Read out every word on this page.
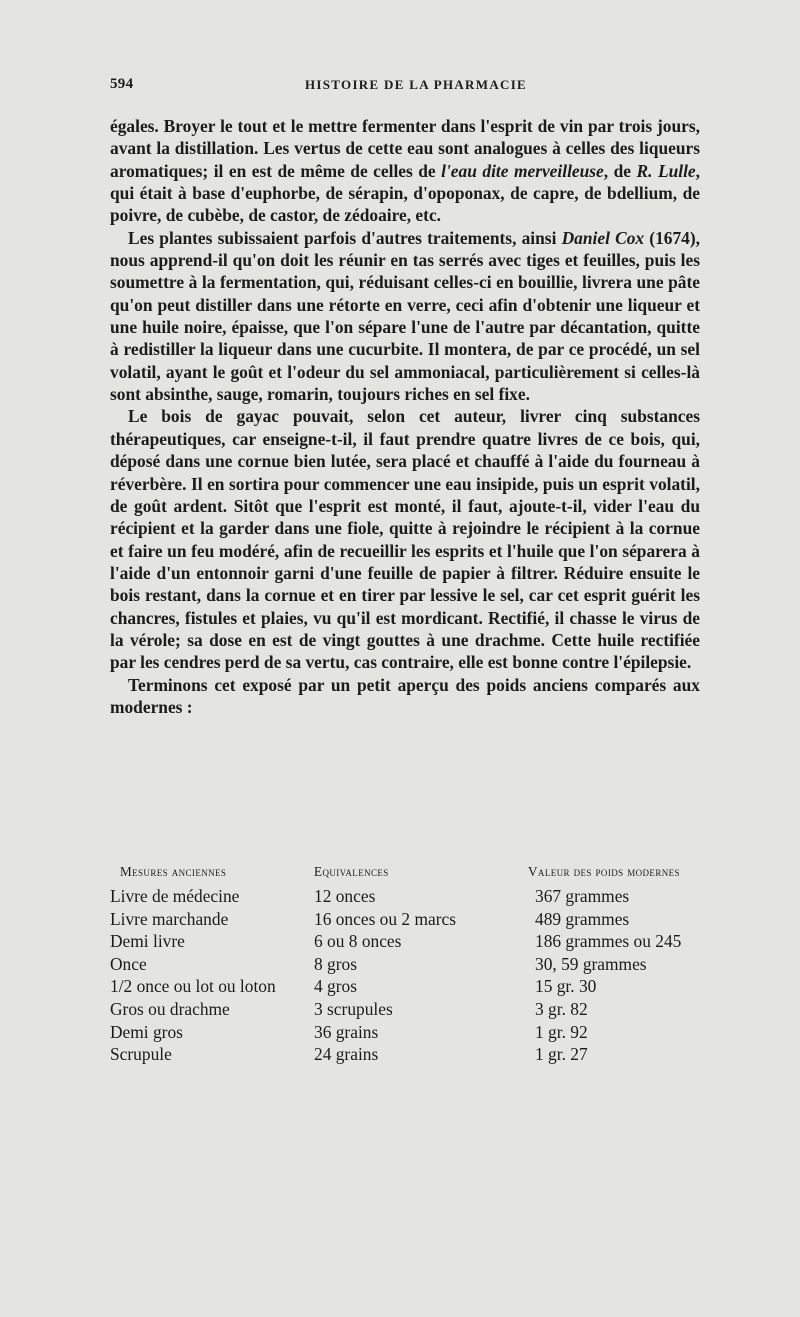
594	HISTOIRE DE LA PHARMACIE

égales. Broyer le tout et le mettre fermenter dans l'esprit de vin par trois jours, avant la distillation. Les vertus de cette eau sont analogues à celles des liqueurs aromatiques; il en est de même de celles de l'eau dite merveilleuse, de R. Lulle, qui était à base d'euphorbe, de sérapin, d'opoponax, de capre, de bdellium, de poivre, de cubèbe, de castor, de zédoaire, etc.

Les plantes subissaient parfois d'autres traitements, ainsi Daniel Cox (1674), nous apprend-il qu'on doit les réunir en tas serrés avec tiges et feuilles, puis les soumettre à la fermentation, qui, réduisant celles-ci en bouillie, livrera une pâte qu'on peut distiller dans une rétorte en verre, ceci afin d'obtenir une liqueur et une huile noire, épaisse, que l'on sépare l'une de l'autre par décantation, quitte à redistiller la liqueur dans une cucurbite. Il montera, de par ce procédé, un sel volatil, ayant le goût et l'odeur du sel ammoniacal, particulièrement si celles-là sont absinthe, sauge, romarin, toujours riches en sel fixe.

Le bois de gayac pouvait, selon cet auteur, livrer cinq substances thérapeutiques, car enseigne-t-il, il faut prendre quatre livres de ce bois, qui, déposé dans une cornue bien lutée, sera placé et chauffé à l'aide du fourneau à réverbère. Il en sortira pour commencer une eau insipide, puis un esprit volatil, de goût ardent. Sitôt que l'esprit est monté, il faut, ajoute-t-il, vider l'eau du récipient et la garder dans une fiole, quitte à rejoindre le récipient à la cornue et faire un feu modéré, afin de recueillir les esprits et l'huile que l'on séparera à l'aide d'un entonnoir garni d'une feuille de papier à filtrer. Réduire ensuite le bois restant, dans la cornue et en tirer par lessive le sel, car cet esprit guérit les chancres, fistules et plaies, vu qu'il est mordicant. Rectifié, il chasse le virus de la vérole; sa dose en est de vingt gouttes à une drachme. Cette huile rectifiée par les cendres perd de sa vertu, cas contraire, elle est bonne contre l'épilepsie.

Terminons cet exposé par un petit aperçu des poids anciens comparés aux modernes :

Mesures anciennes	Equivalences	Valeur des poids modernes
Livre de médecine	12 onces	367 grammes
Livre marchande	16 onces ou 2 marcs	489 grammes
Demi livre	6 ou 8 onces	186 grammes ou 245
Once	8 gros	30, 59 grammes
1/2 once ou lot ou loton 4 gros	15 gr. 30
Gros ou drachme	3 scrupules	3 gr. 82
Demi gros	36 grains	1 gr. 92
Scrupule	24 grains	1 gr. 27
